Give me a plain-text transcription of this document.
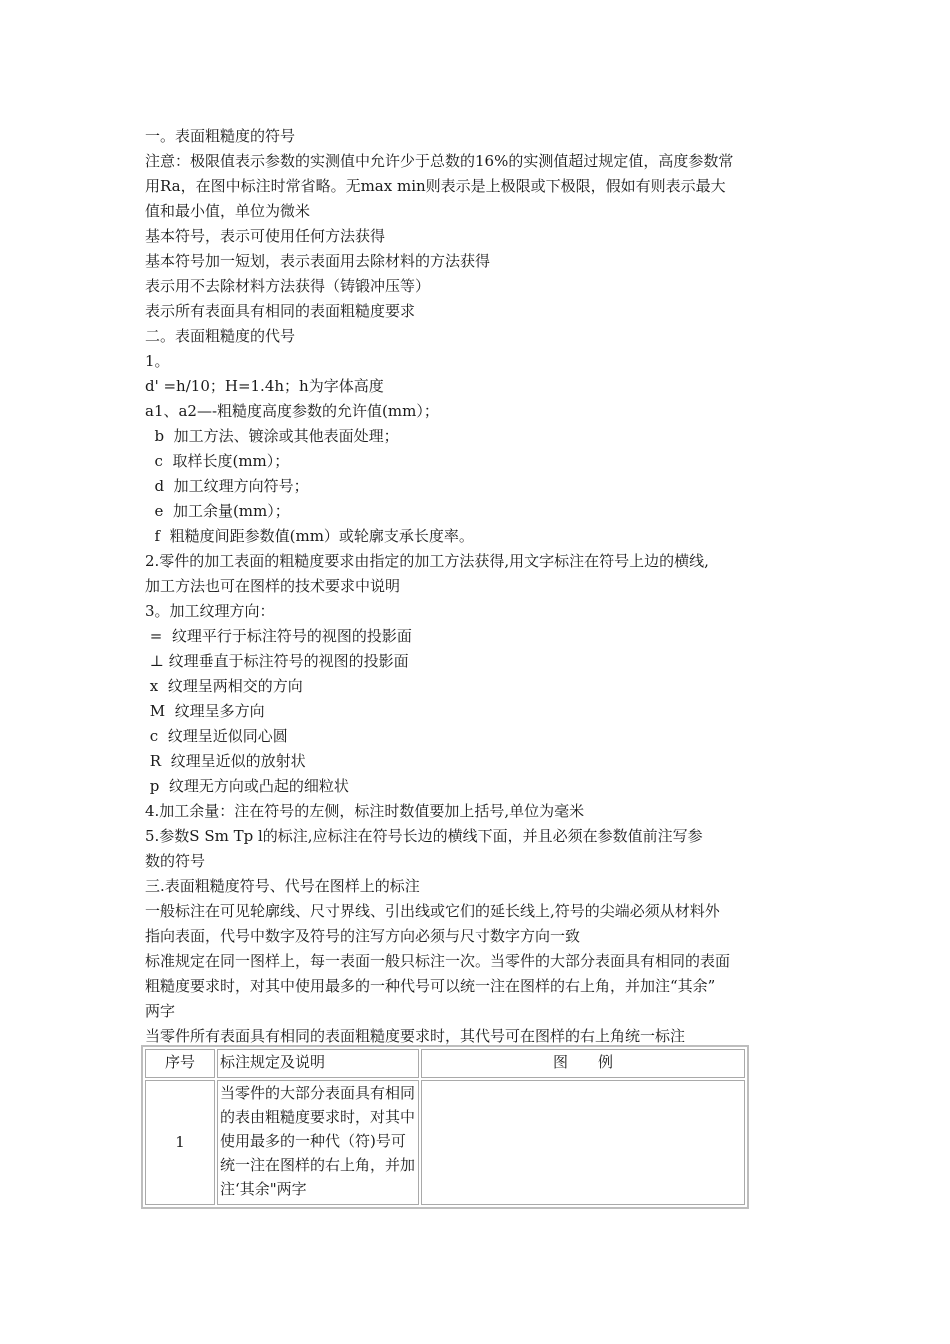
一。表面粗糙度的符号
注意：极限值表示参数的实测值中允许少于总数的16%的实测值超过规定值，高度参数常
用Ra，在图中标注时常省略。无max min则表示是上极限或下极限，假如有则表示最大
值和最小值，单位为微米
基本符号，表示可使用任何方法获得
基本符号加一短划，表示表面用去除材料的方法获得
表示用不去除材料方法获得（铸锻冲压等）
表示所有表面具有相同的表面粗糙度要求
二。表面粗糙度的代号
1。
d' =h/10；H=1.4h；h为字体高度
a1、a2—-粗糙度高度参数的允许值(mm）；
b  加工方法、镀涂或其他表面处理；
c  取样长度(mm）；
d  加工纹理方向符号；
e  加工余量(mm）；
f  粗糙度间距参数值(mm）或轮廓支承长度率。
2.零件的加工表面的粗糙度要求由指定的加工方法获得,用文字标注在符号上边的横线,
加工方法也可在图样的技术要求中说明
3。加工纹理方向：
=  纹理平行于标注符号的视图的投影面
⊥ 纹理垂直于标注符号的视图的投影面
x  纹理呈两相交的方向
M  纹理呈多方向
c  纹理呈近似同心圆
R  纹理呈近似的放射状
p  纹理无方向或凸起的细粒状
4.加工余量：注在符号的左侧，标注时数值要加上括号,单位为毫米
5.参数S Sm Tp l的标注,应标注在符号长边的横线下面，并且必须在参数值前注写参
数的符号
三.表面粗糙度符号、代号在图样上的标注
一般标注在可见轮廓线、尺寸界线、引出线或它们的延长线上,符号的尖端必须从材料外
指向表面，代号中数字及符号的注写方向必须与尺寸数字方向一致
标准规定在同一图样上，每一表面一般只标注一次。当零件的大部分表面具有相同的表面
粗糙度要求时，对其中使用最多的一种代号可以统一注在图样的右上角，并加注“其余”
两字
当零件所有表面具有相同的表面粗糙度要求时，其代号可在图样的右上角统一标注
序号	标注规定及说明	图　　例
1	当零件的大部分表面具有相同的表由粗糙度要求时，对其中使用最多的一种代（符)号可统一注在图样的右上角，并加注‘其余"两字	
